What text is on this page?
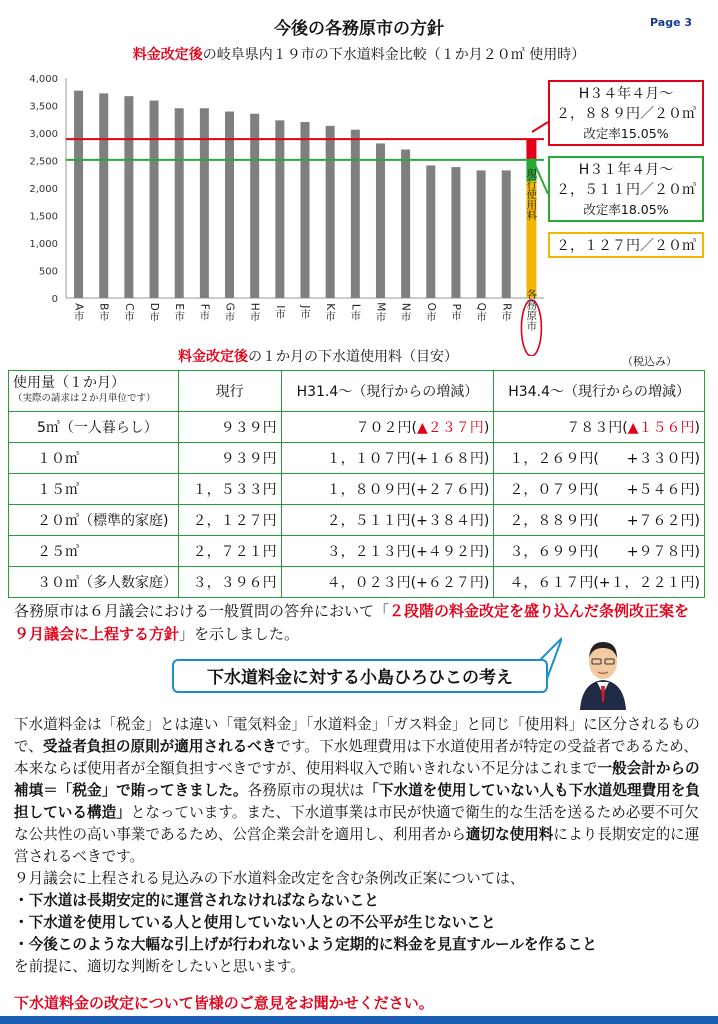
今後の各務原市の方針	Page 3
料金改定後の岐阜県内１９市の下水道料金比較（１か月２０㎥ 使用時）
0
500
1,000
1,500
2,000
2,500
3,000
3,500
4,000
A市 B市 C市 D市 E市 F市 G市 H市 I市 J市 K市 L市 M市 N市 O市 P市 Q市 R市 各務原市
現行使用料
H３４年４月～
２，８８９円／２０㎥
改定率15.05%
H３１年４月～
２，５１１円／２０㎥
改定率18.05%
２，１２７円／２０㎥
料金改定後の１か月の下水道使用料（目安）	（税込み）
使用量（１か月）
（実際の請求は２か月単位です）	現行	H31.4～（現行からの増減）	H34.4～（現行からの増減）
5㎥（一人暮らし）	９３９円	７０２円(▲２３７円)	７８３円(▲１５６円)
１０㎥	９３９円	１，１０７円(+１６８円)	１，２６９円(　　+３３０円)
１５㎥	１，５３３円	１，８０９円(+２７６円)	２，０７９円(　　+５４６円)
２０㎥（標準的家庭)	２，１２７円	２，５１１円(+３８４円)	２，８８９円(　　+７６２円)
２５㎥	２，７２１円	３，２１３円(+４９２円)	３，６９９円(　　+９７８円)
３０㎥（多人数家庭）	３，３９６円	４，０２３円(+６２７円)	４，６１７円(+１，２２１円)
各務原市は６月議会における一般質問の答弁において「２段階の料金改定を盛り込んだ条例改正案を９月議会に上程する方針」を示しました。
下水道料金に対する小島ひろひこの考え

下水道料金は「税金」とは違い「電気料金」「水道料金」「ガス料金」と同じ「使用料」に区分されるもので、受益者負担の原則が適用されるべきです。下水処理費用は下水道使用者が特定の受益者であるため、本来ならば使用者が全額負担すべきですが、使用料収入で賄いきれない不足分はこれまで一般会計からの補填＝「税金」で賄ってきました。各務原市の現状は「下水道を使用していない人も下水道処理費用を負担している構造」となっています。また、下水道事業は市民が快適で衛生的な生活を送るため必要不可欠な公共性の高い事業であるため、公営企業会計を適用し、利用者から適切な使用料により長期安定的に運営されるべきです。

９月議会に上程される見込みの下水道料金改定を含む条例改正案については、

・下水道は長期安定的に運営されなければならないこと

・下水道を使用している人と使用していない人との不公平が生じないこと

・今後このような大幅な引上げが行われないよう定期的に料金を見直すルールを作ること

を前提に、適切な判断をしたいと思います。

下水道料金の改定について皆様のご意見をお聞かせください。
